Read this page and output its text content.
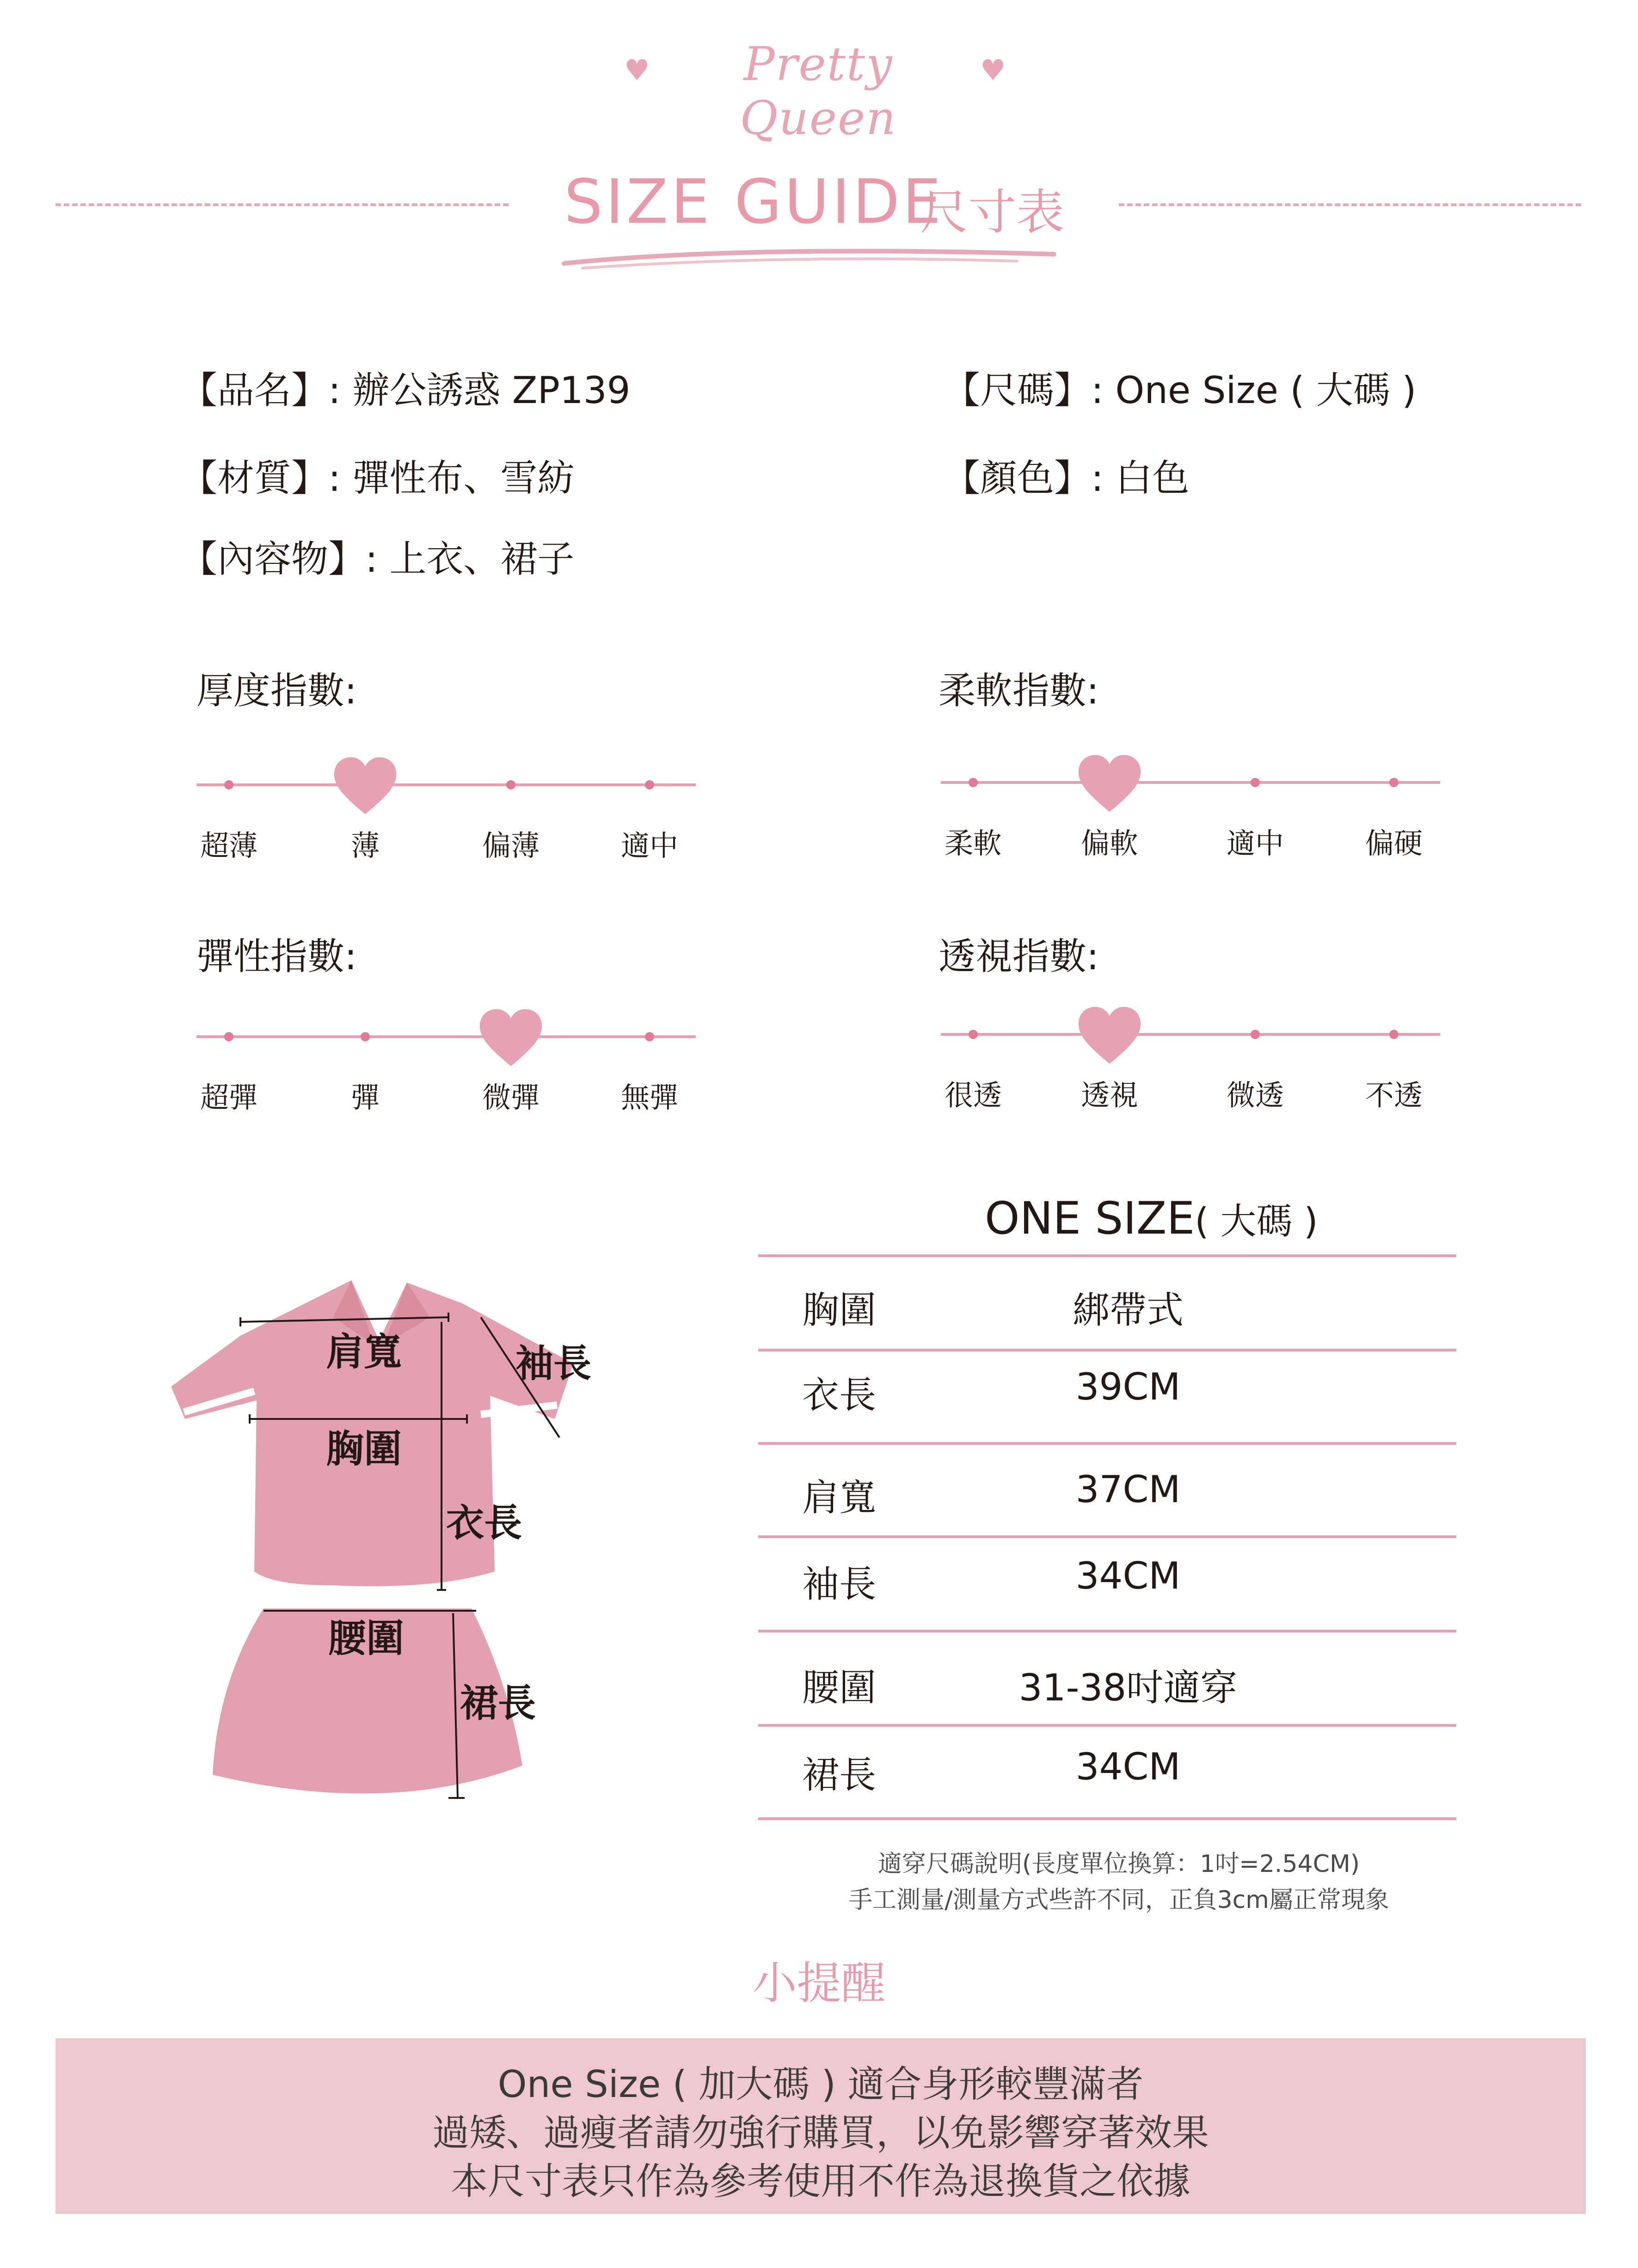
♥	Pretty Queen
♥
SIZE GUIDE
尺寸表
【品名】: 辦公誘惑 ZP139	【尺碼】: One Size ( 大碼 )
【材質】: 彈性布、雪紡	【顏色】: 白色
【內容物】: 上衣、裙子
厚度指數:	柔軟指數:
彈性指數:	透視指數:
超薄	薄	偏薄	適中	柔軟	偏軟	適中	偏硬
超彈	彈	微彈	無彈	很透	透視	微透	不透
肩寬	袖長
胸圍
衣長
腰圍
裙長
ONE SIZE( 大碼 )
胸圍	綁帶式
衣長	39CM
肩寬	37CM
袖長	34CM
腰圍	31-38吋適穿
裙長	34CM
適穿尺碼說明(長度單位換算：1吋=2.54CM)
手工測量/測量方式些許不同，正負3cm屬正常現象
小提醒
One Size ( 加大碼 ) 適合身形較豐滿者
過矮、過瘦者請勿強行購買，以免影響穿著效果
本尺寸表只作為參考使用不作為退換貨之依據
